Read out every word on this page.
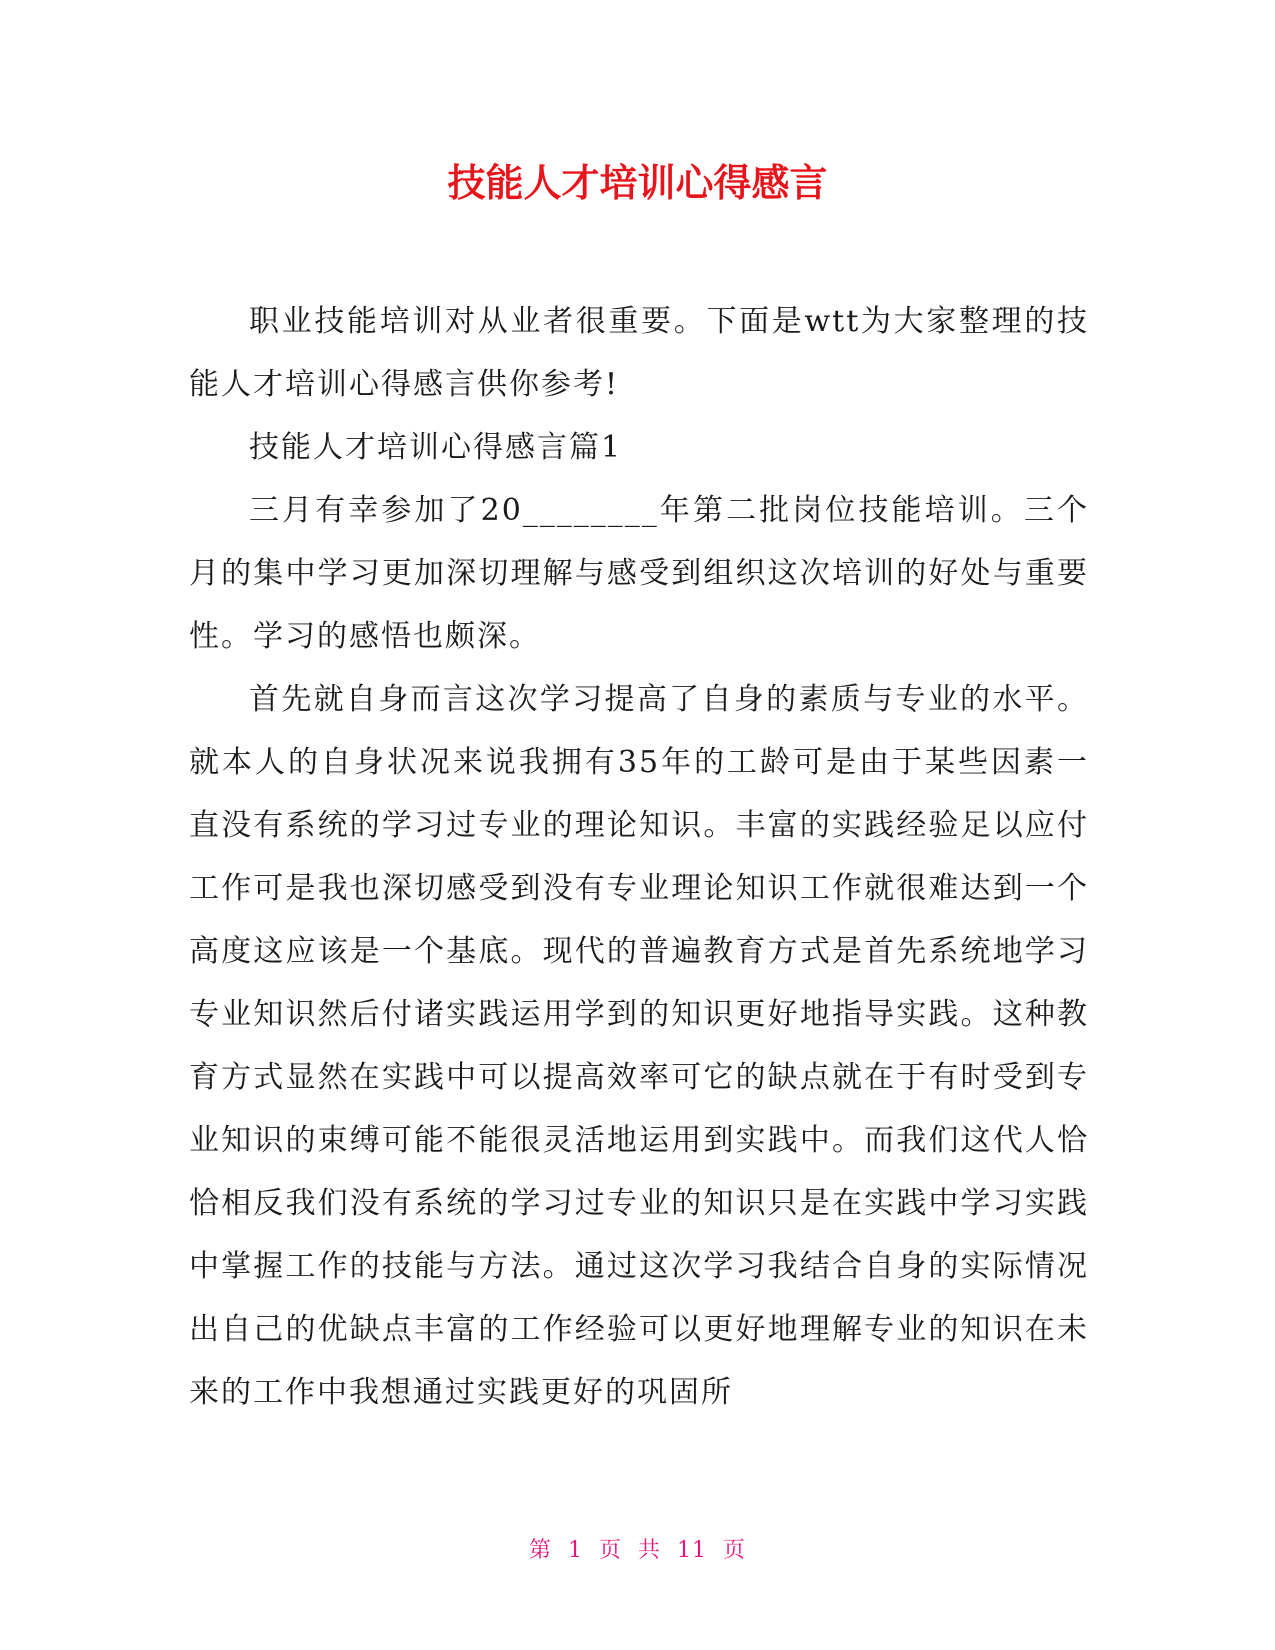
技能人才培训心得感言

职业技能培训对从业者很重要。下面是wtt为大家整理的技能人才培训心得感言供你参考!

技能人才培训心得感言篇1

三月有幸参加了20________年第二批岗位技能培训。三个月的集中学习更加深切理解与感受到组织这次培训的好处与重要性。学习的感悟也颇深。

首先就自身而言这次学习提高了自身的素质与专业的水平。就本人的自身状况来说我拥有35年的工龄可是由于某些因素一直没有系统的学习过专业的理论知识。丰富的实践经验足以应付工作可是我也深切感受到没有专业理论知识工作就很难达到一个高度这应该是一个基底。现代的普遍教育方式是首先系统地学习专业知识然后付诸实践运用学到的知识更好地指导实践。这种教育方式显然在实践中可以提高效率可它的缺点就在于有时受到专业知识的束缚可能不能很灵活地运用到实践中。而我们这代人恰恰相反我们没有系统的学习过专业的知识只是在实践中学习实践中掌握工作的技能与方法。通过这次学习我结合自身的实际情况出自己的优缺点丰富的工作经验可以更好地理解专业的知识在未来的工作中我想通过实践更好的巩固所

第 1 页 共 11 页
